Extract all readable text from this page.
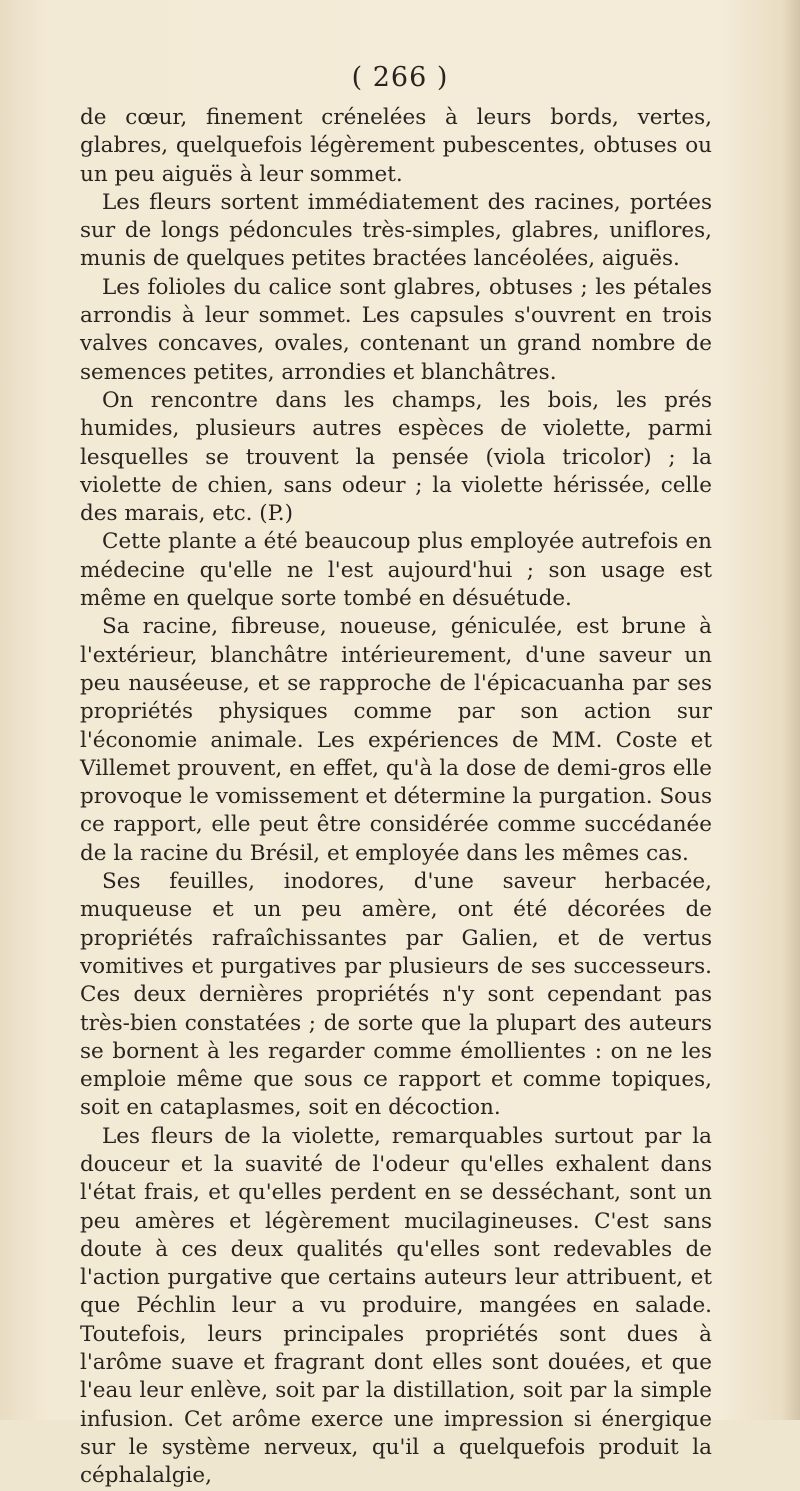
( 266 )

de cœur, finement crénelées à leurs bords, vertes, glabres, quelquefois légèrement pubescentes, obtuses ou un peu aiguës à leur sommet.

Les fleurs sortent immédiatement des racines, portées sur de longs pédoncules très-simples, glabres, uniflores, munis de quelques petites bractées lancéolées, aiguës.

Les folioles du calice sont glabres, obtuses ; les pétales arrondis à leur sommet. Les capsules s'ouvrent en trois valves concaves, ovales, contenant un grand nombre de semences petites, arrondies et blanchâtres.

On rencontre dans les champs, les bois, les prés humides, plusieurs autres espèces de violette, parmi lesquelles se trouvent la pensée (viola tricolor) ; la violette de chien, sans odeur ; la violette hérissée, celle des marais, etc. (P.)

Cette plante a été beaucoup plus employée autrefois en médecine qu'elle ne l'est aujourd'hui ; son usage est même en quelque sorte tombé en désuétude.

Sa racine, fibreuse, noueuse, géniculée, est brune à l'extérieur, blanchâtre intérieurement, d'une saveur un peu nauséeuse, et se rapproche de l'épicacuanha par ses propriétés physiques comme par son action sur l'économie animale. Les expériences de MM. Coste et Villemet prouvent, en effet, qu'à la dose de demi-gros elle provoque le vomissement et détermine la purgation. Sous ce rapport, elle peut être considérée comme succédanée de la racine du Brésil, et employée dans les mêmes cas.

Ses feuilles, inodores, d'une saveur herbacée, muqueuse et un peu amère, ont été décorées de propriétés rafraîchissantes par Galien, et de vertus vomitives et purgatives par plusieurs de ses successeurs. Ces deux dernières propriétés n'y sont cependant pas très-bien constatées ; de sorte que la plupart des auteurs se bornent à les regarder comme émollientes : on ne les emploie même que sous ce rapport et comme topiques, soit en cataplasmes, soit en décoction.

Les fleurs de la violette, remarquables surtout par la douceur et la suavité de l'odeur qu'elles exhalent dans l'état frais, et qu'elles perdent en se desséchant, sont un peu amères et légèrement mucilagineuses. C'est sans doute à ces deux qualités qu'elles sont redevables de l'action purgative que certains auteurs leur attribuent, et que Péchlin leur a vu produire, mangées en salade. Toutefois, leurs principales propriétés sont dues à l'arôme suave et fragrant dont elles sont douées, et que l'eau leur enlève, soit par la distillation, soit par la simple infusion. Cet arôme exerce une impression si énergique sur le système nerveux, qu'il a quelquefois produit la céphalalgie,
